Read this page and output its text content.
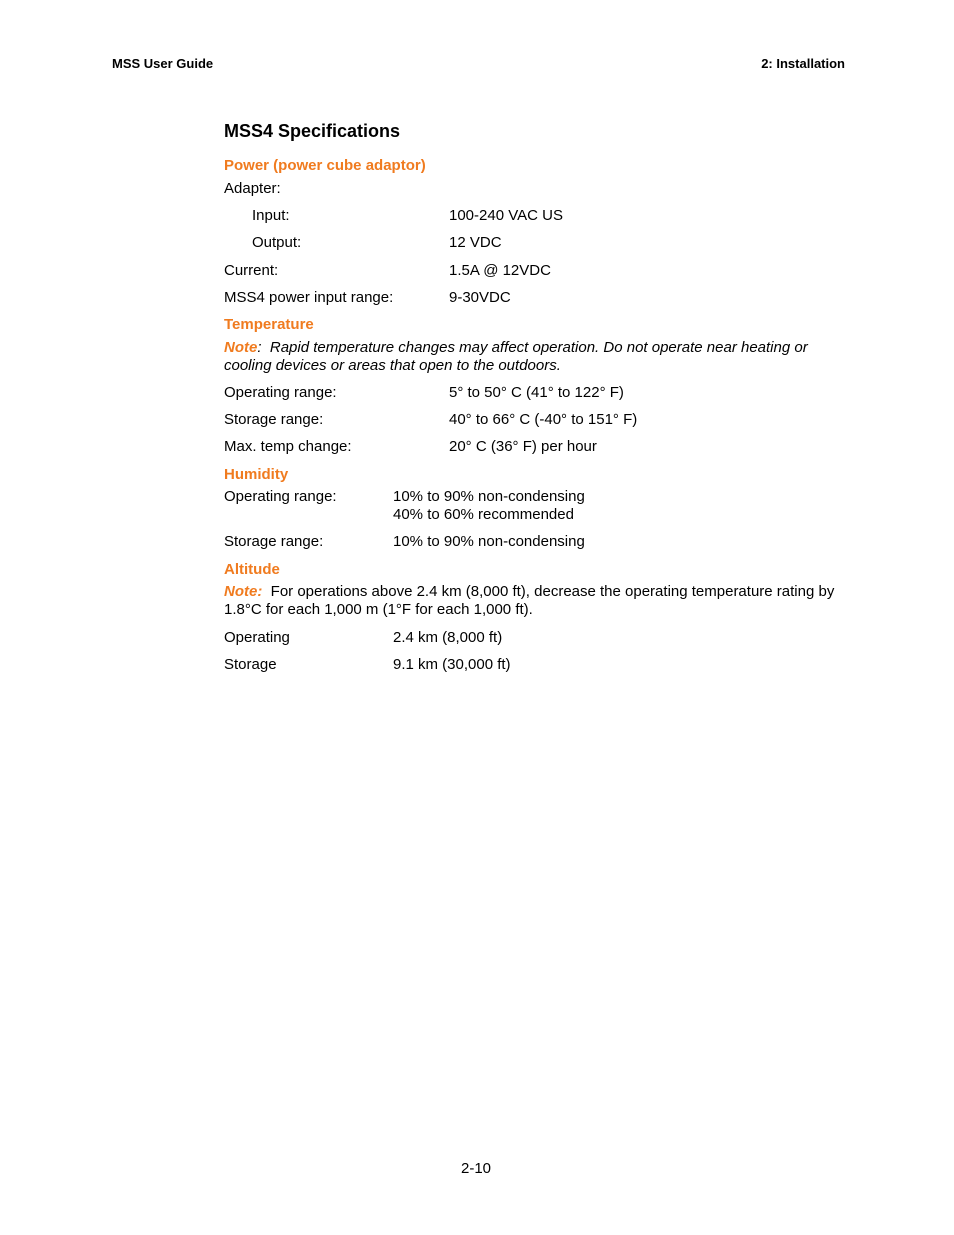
MSS User Guide	2: Installation
MSS4 Specifications
Power (power cube adaptor)
Adapter:
Input:	100-240 VAC US
Output:	12 VDC
Current:	1.5A @ 12VDC
MSS4 power input range:	9-30VDC
Temperature
Note: Rapid temperature changes may affect operation. Do not operate near heating or cooling devices or areas that open to the outdoors.
Operating range:	5° to 50° C (41° to 122° F)
Storage range:	40° to 66° C (-40° to 151° F)
Max. temp change:	20° C (36° F) per hour
Humidity
Operating range:	10% to 90% non-condensing
40% to 60% recommended
Storage range:	10% to 90% non-condensing
Altitude
Note: For operations above 2.4 km (8,000 ft), decrease the operating temperature rating by 1.8°C for each 1,000 m (1°F for each 1,000 ft).
Operating	2.4 km (8,000 ft)
Storage	9.1 km (30,000 ft)
2-10
